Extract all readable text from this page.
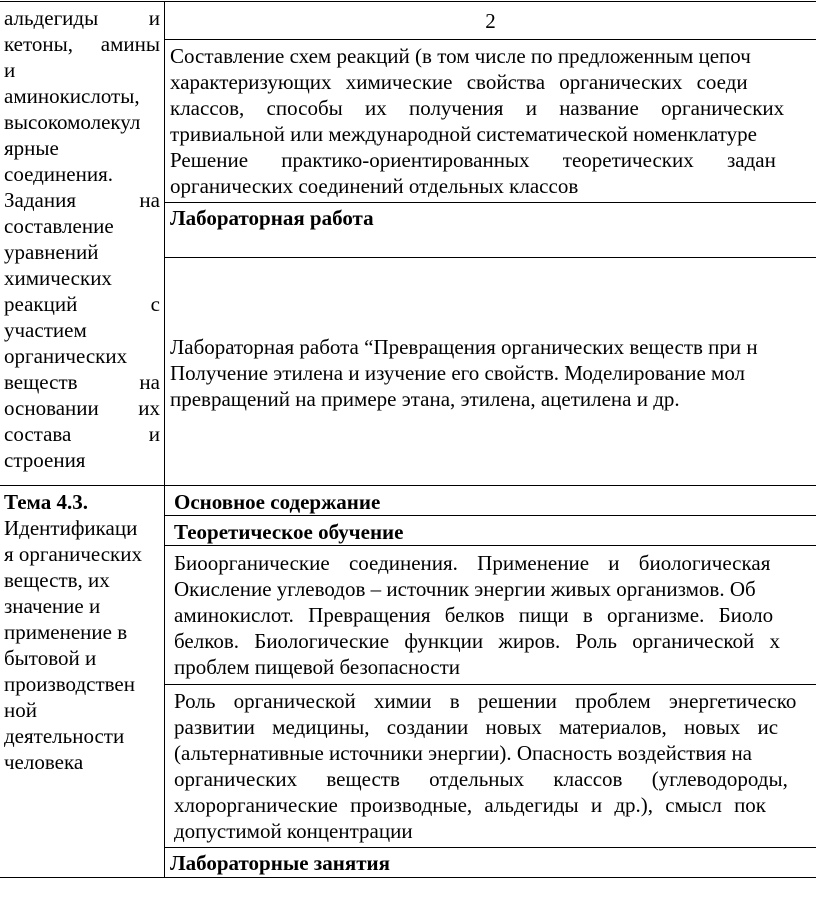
альдегиды и
кетоны, амины
и
аминокислоты,
высокомолекул
ярные
соединения.
Задания на
составление
уравнений
химических
реакций с
участием
органических
веществ на
основании их
состава и
строения
Тема 4.3.
Идентификаци
я органических
веществ, их
значение и
применение в
бытовой и
производствен
ной
деятельности
человека
2
Составление схем реакций (в том числе по предложенным цепоч
характеризующих химические свойства органических соеди
классов, способы их получения и название органических
тривиальной или международной систематической номенклатуре
Решение практико-ориентированных теоретических задан
органических соединений отдельных классов
Лабораторная работа
Лабораторная работа “Превращения органических веществ при н
Получение этилена и изучение его свойств. Моделирование мол
превращений на примере этана, этилена, ацетилена и др.
Основное содержание
Теоретическое обучение
Биоорганические соединения. Применение и биологическая
Окисление углеводов – источник энергии живых организмов. Об
аминокислот. Превращения белков пищи в организме. Биоло
белков. Биологические функции жиров. Роль органической х
проблем пищевой безопасности
Роль органической химии в решении проблем энергетическо
развитии медицины, создании новых материалов, новых ис
(альтернативные источники энергии). Опасность воздействия на
органических веществ отдельных классов (углеводороды,
хлорорганические производные, альдегиды и др.), смысл пок
допустимой концентрации
Лабораторные занятия
